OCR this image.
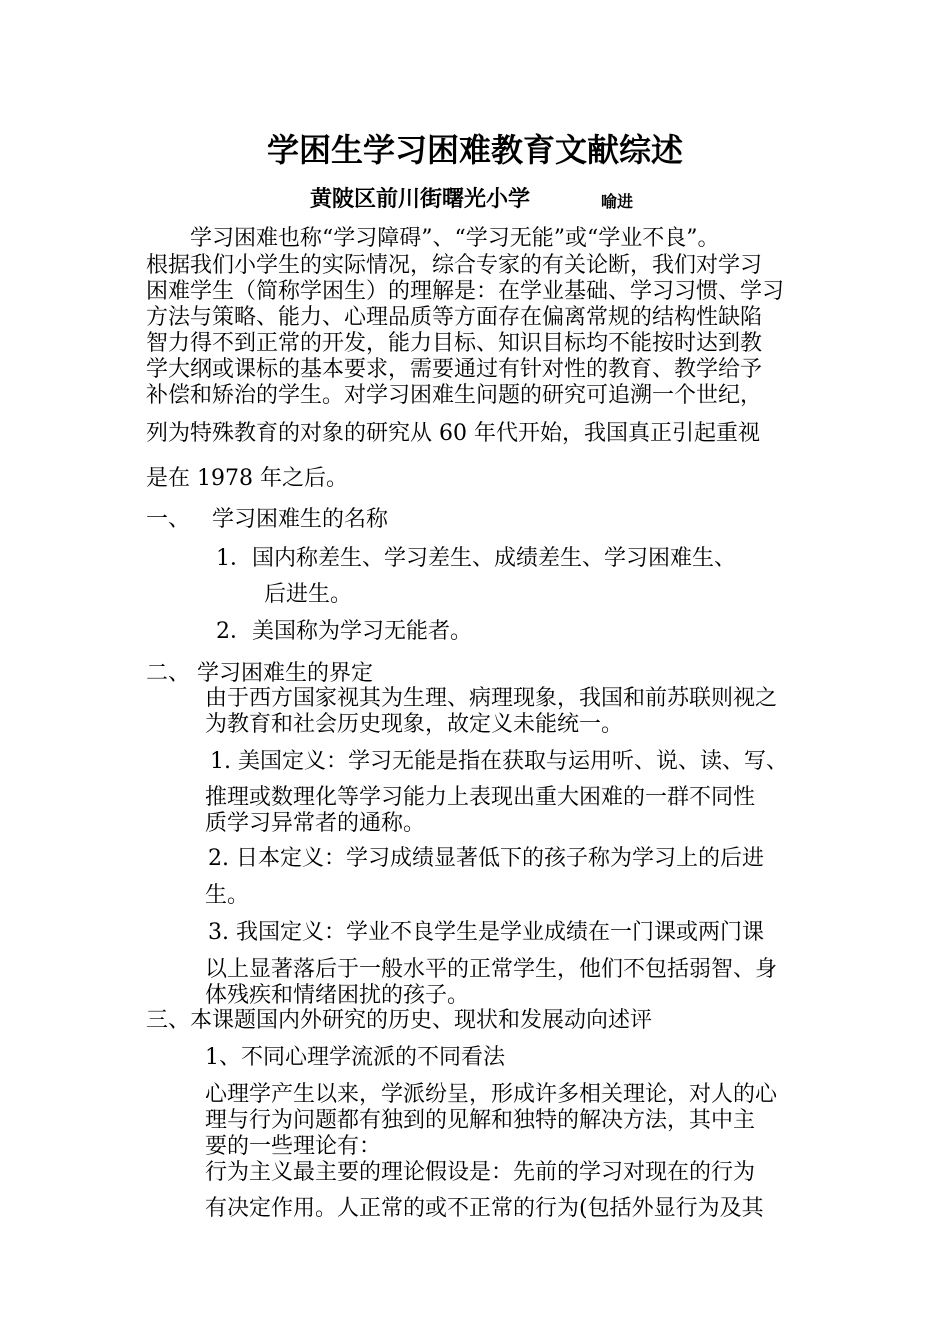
学困生学习困难教育文献综述
黄陂区前川街曙光小学	喻进
学习困难也称“学习障碍”、“学习无能”或“学业不良”。
根据我们小学生的实际情况，综合专家的有关论断，我们对学习
困难学生（简称学困生）的理解是：在学业基础、学习习惯、学习
方法与策略、能力、心理品质等方面存在偏离常规的结构性缺陷
智力得不到正常的开发，能力目标、知识目标均不能按时达到教
学大纲或课标的基本要求，需要通过有针对性的教育、教学给予
补偿和矫治的学生。对学习困难生问题的研究可追溯一个世纪，
列为特殊教育的对象的研究从 60 年代开始，我国真正引起重视
是在 1978 年之后。
一、 学习困难生的名称
1．国内称差生、学习差生、成绩差生、学习困难生、
后进生。
2．美国称为学习无能者。
二、 学习困难生的界定
由于西方国家视其为生理、病理现象，我国和前苏联则视之
为教育和社会历史现象，故定义未能统一。
1. 美国定义：学习无能是指在获取与运用听、说、读、写、
推理或数理化等学习能力上表现出重大困难的一群不同性
质学习异常者的通称。
2. 日本定义：学习成绩显著低下的孩子称为学习上的后进
生。
3. 我国定义：学业不良学生是学业成绩在一门课或两门课
以上显著落后于一般水平的正常学生，他们不包括弱智、身
体残疾和情绪困扰的孩子。
三、本课题国内外研究的历史、现状和发展动向述评
1、不同心理学流派的不同看法
心理学产生以来，学派纷呈，形成许多相关理论，对人的心
理与行为问题都有独到的见解和独特的解决方法，其中主
要的一些理论有：
行为主义最主要的理论假设是：先前的学习对现在的行为
有决定作用。人正常的或不正常的行为(包括外显行为及其
